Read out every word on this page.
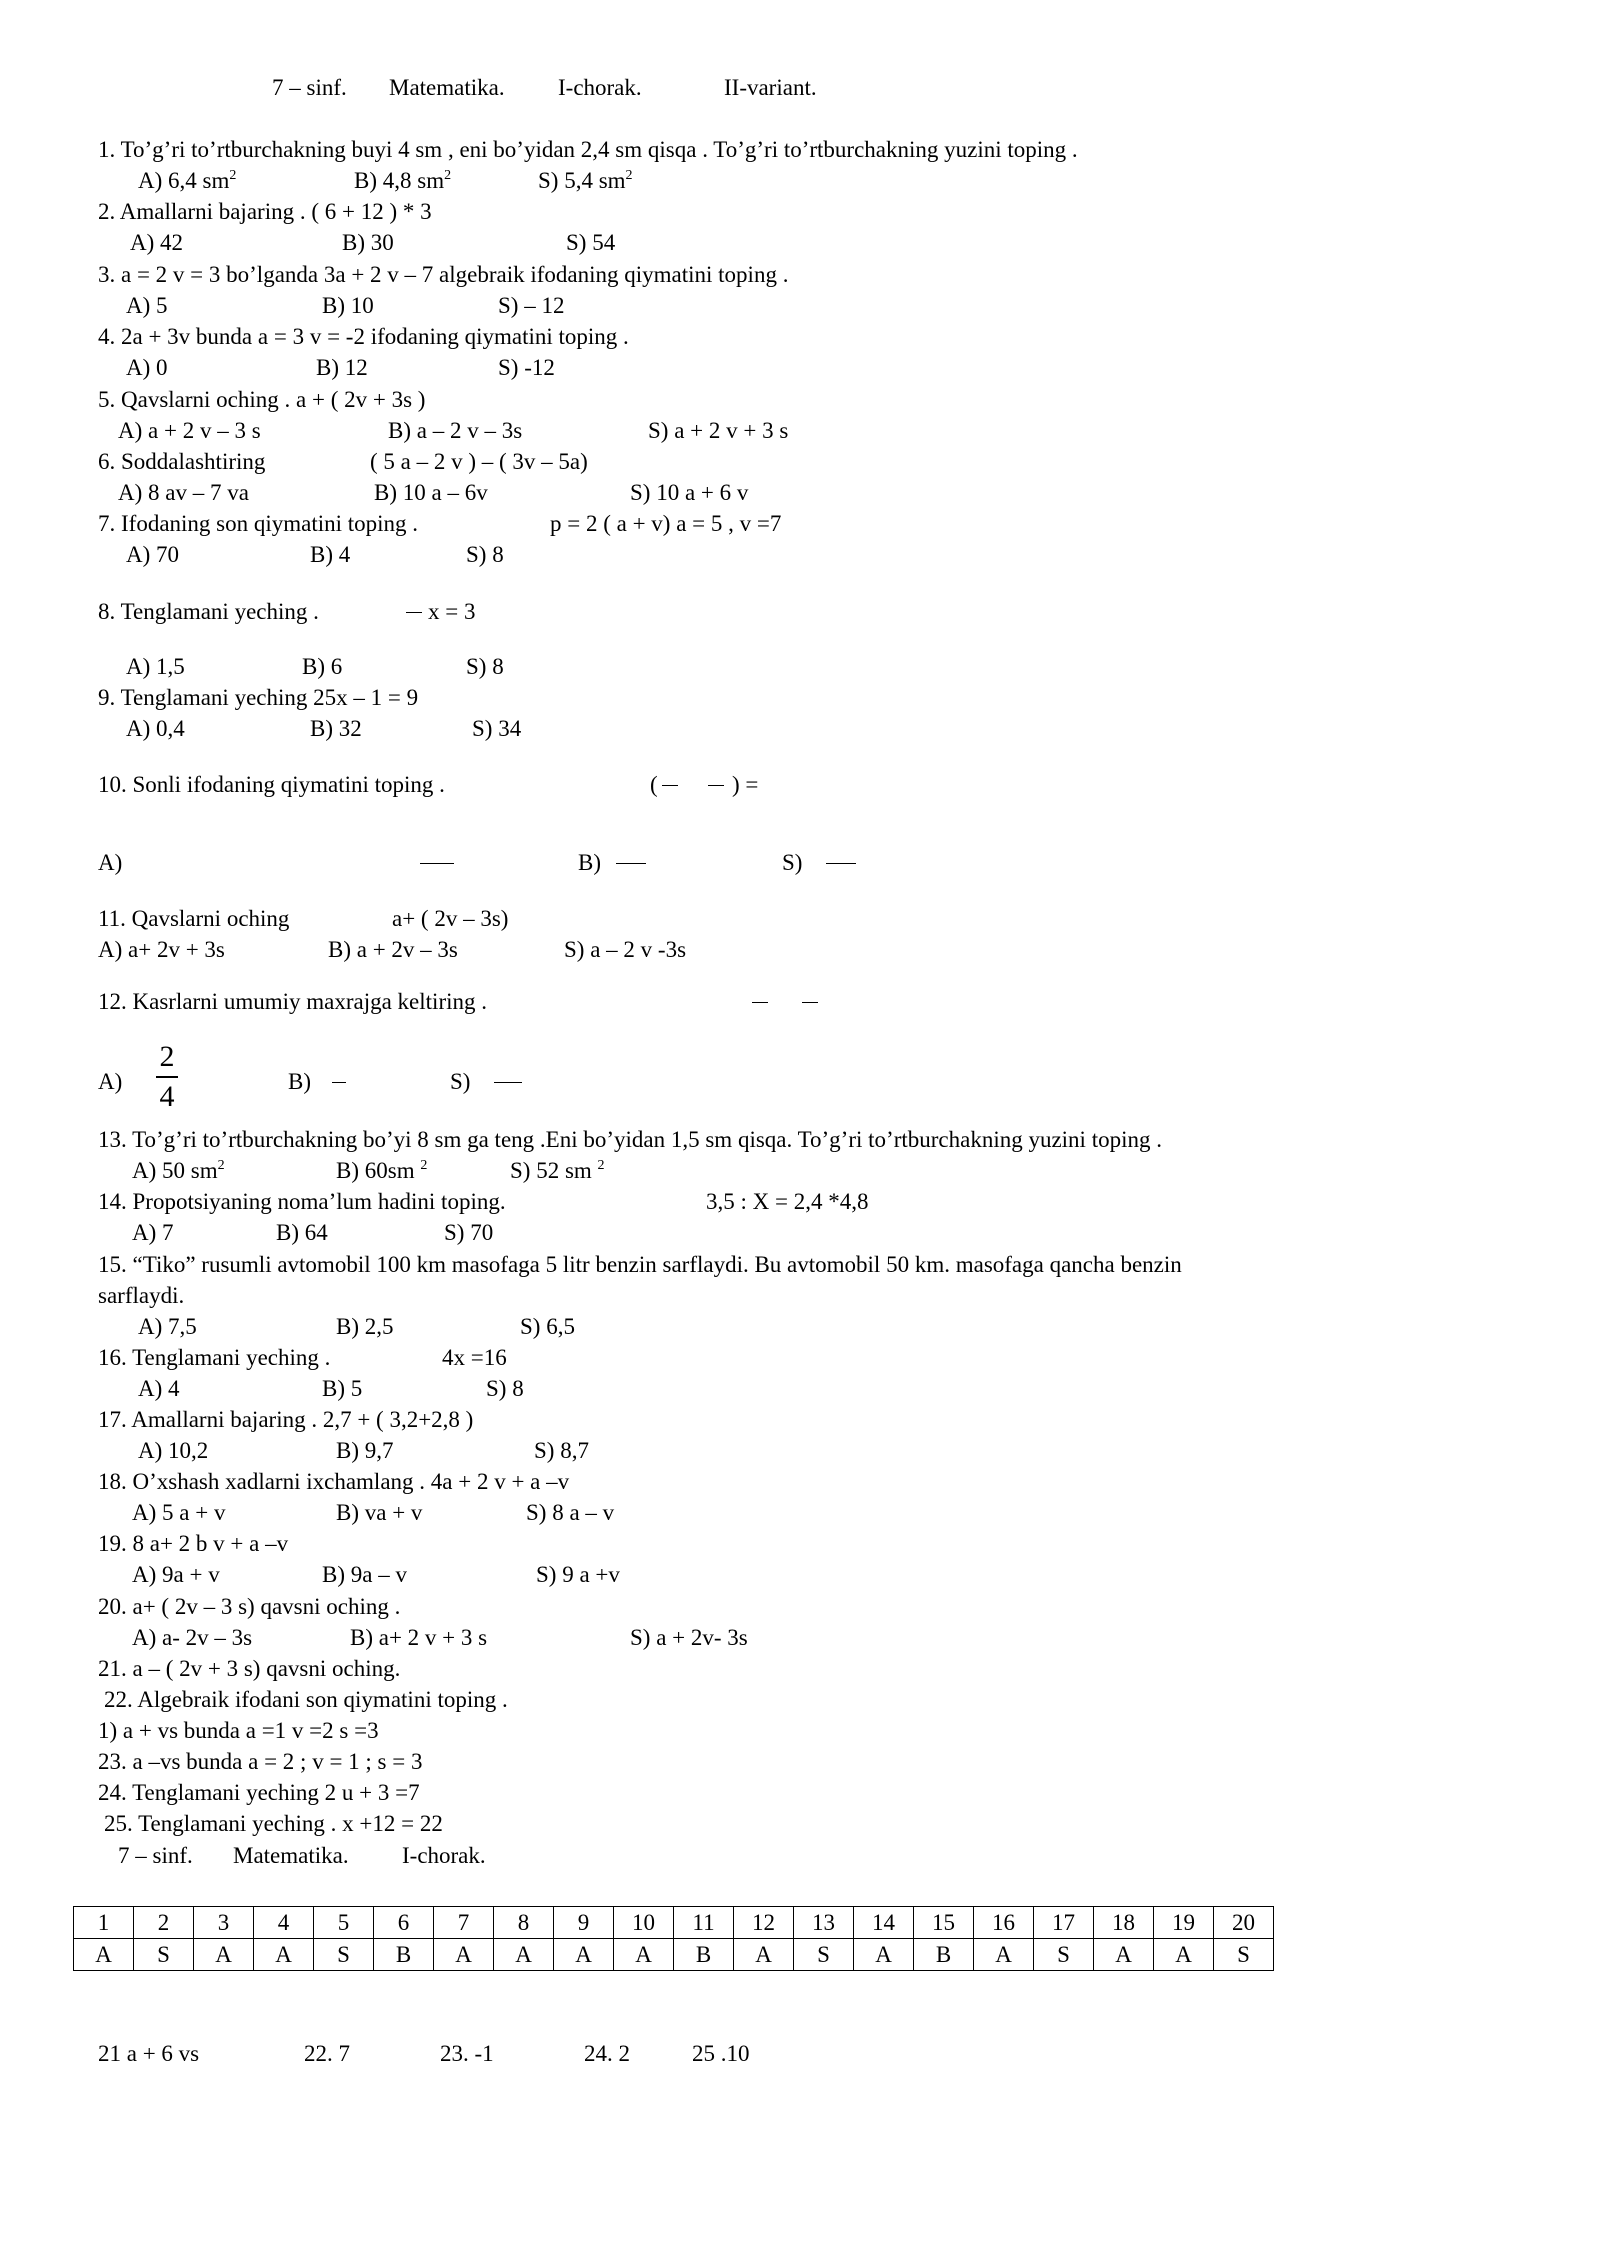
7 – sinf. Matematika. I-chorak.	II-variant.
1. To’g’ri to’rtburchakning buyi 4 sm , eni bo’yidan 2,4 sm qisqa . To’g’ri to’rtburchakning yuzini toping .
A) 6,4 $sm^2$	B) 4,8 $sm^2$	S) 5,4 $sm^2$
2. Amallarni bajaring . ( 6 + 12 ) * 3
A) 42	B) 30	S) 54
3. a = 2 v = 3 bo’lganda 3a + 2 v – 7 algebraik ifodaning qiymatini toping .
A) 5	B) 10	S) – 12
4. 2a + 3v bunda a = 3 v = -2 ifodaning qiymatini toping .
A) 0	B) 12	S) -12
5. Qavslarni oching . a + ( 2v + 3s )
A) a + 2 v – 3 s	B) a – 2 v – 3s	S) a + 2 v + 3 s
6. Soddalashtiring	( 5 a – 2 v ) – ( 3v – 5a)
A) 8 av – 7 va	B) 10 a – 6v	S) 10 a + 6 v
7. Ifodaning son qiymatini toping .	p = 2 ( a + v) a = 5 , v =7
A) 70	B) 4	S) 8
8. Tenglamani yeching .	x = 3
A) 1,5	B) 6	S) 8
9. Tenglamani yeching 25x – 1 = 9
A) 0,4	B) 32	S) 34
10. Sonli ifodaning qiymatini toping .	(	) =
A)	B)	S)
11. Qavslarni oching	a+ ( 2v – 3s)
A) a+ 2v + 3s	B) a + 2v – 3s	S) a – 2 v -3s
12. Kasrlarni umumiy maxrajga keltiring .
A)
2
4	B)	S)
13. To’g’ri to’rtburchakning bo’yi 8 sm ga teng .Eni bo’yidan 1,5 sm qisqa. To’g’ri to’rtburchakning yuzini toping .
A) 50 $sm^2$	B) 60sm $^2$	S) 52 sm $^2$
14. Propotsiyaning noma’lum hadini toping.	3,5 : X = 2,4 *4,8
A) 7	B) 64	S) 70
15. “Tiko” rusumli avtomobil 100 km masofaga 5 litr benzin sarflaydi. Bu avtomobil 50 km. masofaga qancha benzin
sarflaydi.
A) 7,5	B) 2,5	S) 6,5
16. Tenglamani yeching .	4x =16
A) 4	B) 5	S) 8
17. Amallarni bajaring . 2,7 + ( 3,2+2,8 )
A) 10,2	B) 9,7	S) 8,7
18. O’xshash xadlarni ixchamlang . 4a + 2 v + a –v
A) 5 a + v	B) va + v	S) 8 a – v
19. 8 a+ 2 b v + a –v
A) 9a + v	B) 9a – v	S) 9 a +v
20. a+ ( 2v – 3 s) qavsni oching .
A) a- 2v – 3s	B) a+ 2 v + 3 s	S) a + 2v- 3s
21. a – ( 2v + 3 s) qavsni oching.
22. Algebraik ifodani son qiymatini toping .
1) a + vs bunda a =1 v =2 s =3
23. a –vs bunda a = 2 ; v = 1 ; s = 3
24. Tenglamani yeching 2 u + 3 =7
25. Tenglamani yeching . x +12 = 22
7 – sinf. Matematika. I-chorak.
1	2	3	4	5	6	7	8	9	10	11	12	13	14	15	16	17	18	19	20
A	S	A	A	S	B	A	A	A	A	B	A	S	A	B	A	S	A	A	S
21 a + 6 vs	22. 7	23. -1	24. 2	25 .10
